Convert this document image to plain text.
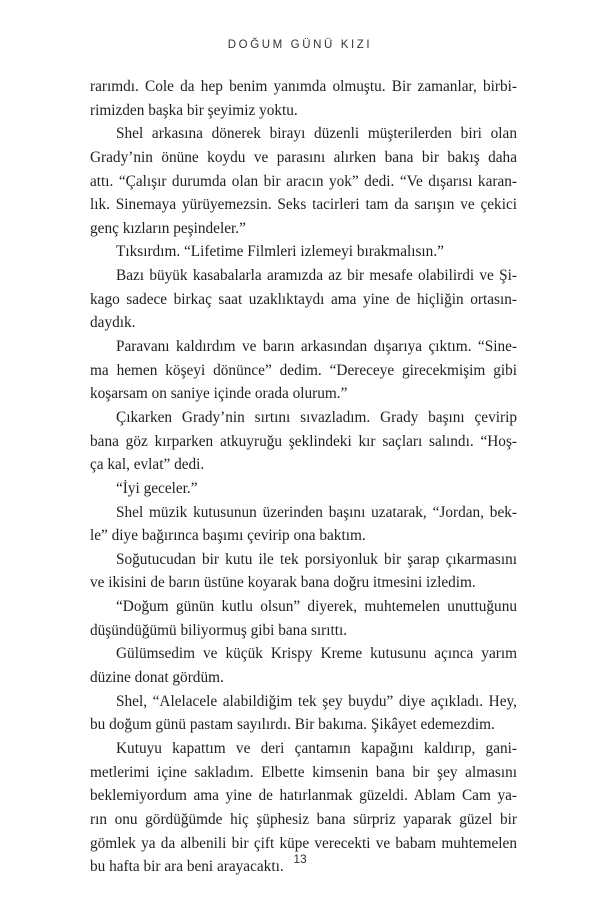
DOĞUM GÜNÜ KIZI
rarımdı. Cole da hep benim yanımda olmuştu. Bir zamanlar, birbi-
rimizden başka bir şeyimiz yoktu.
Shel arkasına dönerek birayı düzenli müşterilerden biri olan
Grady’nin önüne koydu ve parasını alırken bana bir bakış daha
attı. “Çalışır durumda olan bir aracın yok” dedi. “Ve dışarısı karan-
lık. Sinemaya yürüyemezsin. Seks tacirleri tam da sarışın ve çekici
genç kızların peşindeler.”
Tıksırdım. “Lifetime Filmleri izlemeyi bırakmalısın.”
Bazı büyük kasabalarla aramızda az bir mesafe olabilirdi ve Şi-
kago sadece birkaç saat uzaklıktaydı ama yine de hiçliğin ortasın-
daydık.
Paravanı kaldırdım ve barın arkasından dışarıya çıktım. “Sine-
ma hemen köşeyi dönünce” dedim. “Dereceye girecekmişim gibi
koşarsam on saniye içinde orada olurum.”
Çıkarken Grady’nin sırtını sıvazladım. Grady başını çevirip
bana göz kırparken atkuyruğu şeklindeki kır saçları salındı. “Hoş-
ça kal, evlat” dedi.
“İyi geceler.”
Shel müzik kutusunun üzerinden başını uzatarak, “Jordan, bek-
le” diye bağırınca başımı çevirip ona baktım.
Soğutucudan bir kutu ile tek porsiyonluk bir şarap çıkarmasını
ve ikisini de barın üstüne koyarak bana doğru itmesini izledim.
“Doğum günün kutlu olsun” diyerek, muhtemelen unuttuğunu
düşündüğümü biliyormuş gibi bana sırıttı.
Gülümsedim ve küçük Krispy Kreme kutusunu açınca yarım
düzine donat gördüm.
Shel, “Alelacele alabildiğim tek şey buydu” diye açıkladı. Hey,
bu doğum günü pastam sayılırdı. Bir bakıma. Şikâyet edemezdim.
Kutuyu kapattım ve deri çantamın kapağını kaldırıp, gani-
metlerimi içine sakladım. Elbette kimsenin bana bir şey almasını
beklemiyordum ama yine de hatırlanmak güzeldi. Ablam Cam ya-
rın onu gördüğümde hiç şüphesiz bana sürpriz yaparak güzel bir
gömlek ya da albenili bir çift küpe verecekti ve babam muhtemelen
bu hafta bir ara beni arayacaktı. 13
